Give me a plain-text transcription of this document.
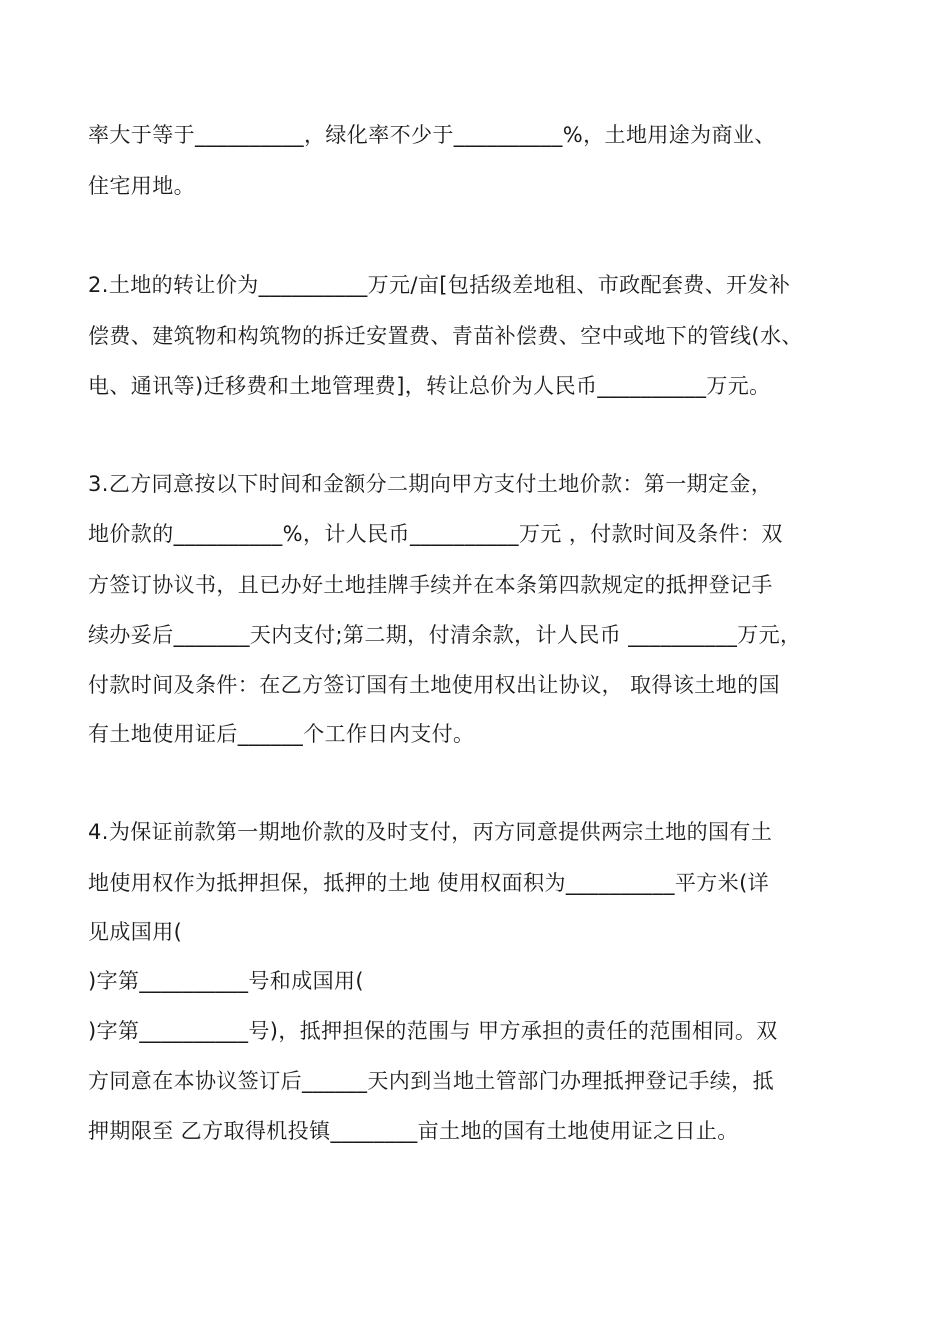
率大于等于__________，绿化率不少于__________%，土地用途为商业、
住宅用地。
2.土地的转让价为__________万元/亩[包括级差地租、市政配套费、开发补
偿费、建筑物和构筑物的拆迁安置费、青苗补偿费、空中或地下的管线(水、
电、通讯等)迁移费和土地管理费]，转让总价为人民币__________万元。
3.乙方同意按以下时间和金额分二期向甲方支付土地价款：第一期定金，
地价款的__________%，计人民币__________万元 ，付款时间及条件：双
方签订协议书，且已办好土地挂牌手续并在本条第四款规定的抵押登记手
续办妥后_______天内支付;第二期，付清余款，计人民币 __________万元，
付款时间及条件：在乙方签订国有土地使用权出让协议， 取得该土地的国
有土地使用证后______个工作日内支付。
4.为保证前款第一期地价款的及时支付，丙方同意提供两宗土地的国有土
地使用权作为抵押担保，抵押的土地 使用权面积为__________平方米(详
见成国用(
)字第__________号和成国用(
)字第__________号)，抵押担保的范围与 甲方承担的责任的范围相同。双
方同意在本协议签订后______天内到当地土管部门办理抵押登记手续，抵
押期限至 乙方取得机投镇________亩土地的国有土地使用证之日止。
